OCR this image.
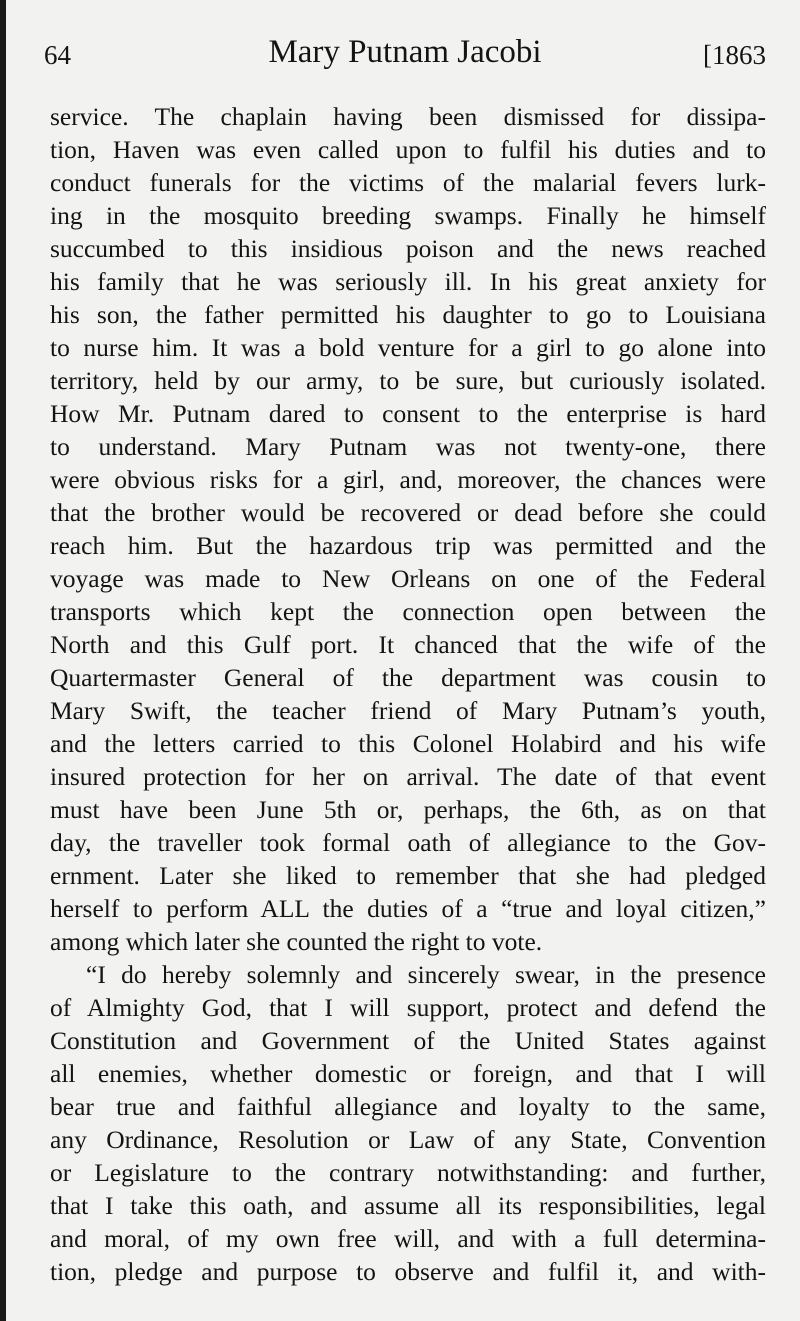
64	Mary Putnam Jacobi	[1863
service. The chaplain having been dismissed for dissipa-
tion, Haven was even called upon to fulfil his duties and to
conduct funerals for the victims of the malarial fevers lurk-
ing in the mosquito breeding swamps. Finally he himself
succumbed to this insidious poison and the news reached
his family that he was seriously ill. In his great anxiety for
his son, the father permitted his daughter to go to Louisiana
to nurse him. It was a bold venture for a girl to go alone into
territory, held by our army, to be sure, but curiously isolated.
How Mr. Putnam dared to consent to the enterprise is hard
to understand. Mary Putnam was not twenty-one, there
were obvious risks for a girl, and, moreover, the chances were
that the brother would be recovered or dead before she could
reach him. But the hazardous trip was permitted and the
voyage was made to New Orleans on one of the Federal
transports which kept the connection open between the
North and this Gulf port. It chanced that the wife of the
Quartermaster General of the department was cousin to
Mary Swift, the teacher friend of Mary Putnam’s youth,
and the letters carried to this Colonel Holabird and his wife
insured protection for her on arrival. The date of that event
must have been June 5th or, perhaps, the 6th, as on that
day, the traveller took formal oath of allegiance to the Gov-
ernment. Later she liked to remember that she had pledged
herself to perform ALL the duties of a “true and loyal citizen,”
among which later she counted the right to vote.
“I do hereby solemnly and sincerely swear, in the presence
of Almighty God, that I will support, protect and defend the
Constitution and Government of the United States against
all enemies, whether domestic or foreign, and that I will
bear true and faithful allegiance and loyalty to the same,
any Ordinance, Resolution or Law of any State, Convention
or Legislature to the contrary notwithstanding: and further,
that I take this oath, and assume all its responsibilities, legal
and moral, of my own free will, and with a full determina-
tion, pledge and purpose to observe and fulfil it, and with-
